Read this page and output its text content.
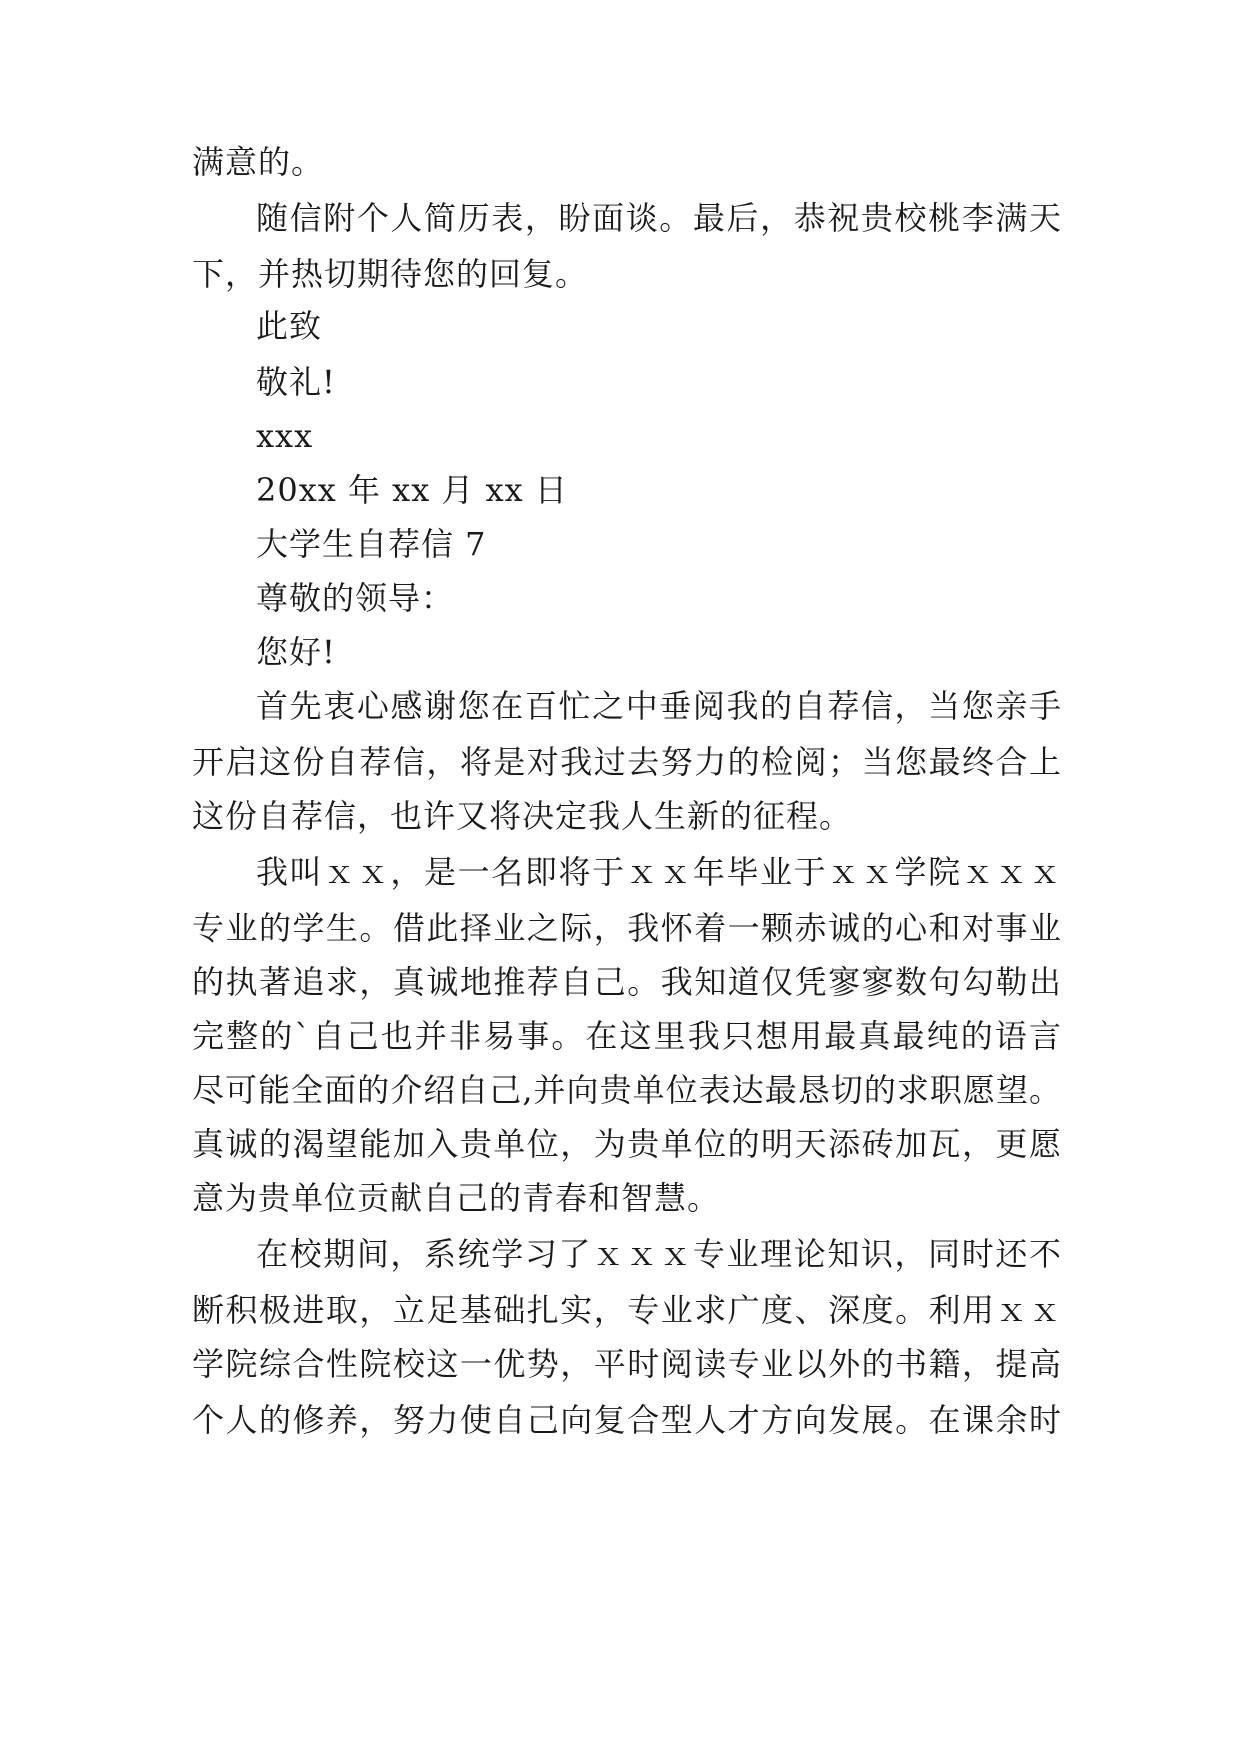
满意的。
随信附个人简历表，盼面谈。最后，恭祝贵校桃李满天
下，并热切期待您的回复。
此致
敬礼!
xxx
20xx 年 xx 月 xx 日
大学生自荐信 7
尊敬的领导：
您好!
首先衷心感谢您在百忙之中垂阅我的自荐信，当您亲手
开启这份自荐信，将是对我过去努力的检阅；当您最终合上
这份自荐信，也许又将决定我人生新的征程。
我叫ｘｘ，是一名即将于ｘｘ年毕业于ｘｘ学院ｘｘｘ
专业的学生。借此择业之际，我怀着一颗赤诚的心和对事业
的执著追求，真诚地推荐自己。我知道仅凭寥寥数句勾勒出
完整的`自己也并非易事。在这里我只想用最真最纯的语言
尽可能全面的介绍自己,并向贵单位表达最恳切的求职愿望。
真诚的渴望能加入贵单位，为贵单位的明天添砖加瓦，更愿
意为贵单位贡献自己的青春和智慧。
在校期间，系统学习了ｘｘｘ专业理论知识，同时还不
断积极进取，立足基础扎实，专业求广度、深度。利用ｘｘ
学院综合性院校这一优势，平时阅读专业以外的书籍，提高
个人的修养，努力使自己向复合型人才方向发展。在课余时
